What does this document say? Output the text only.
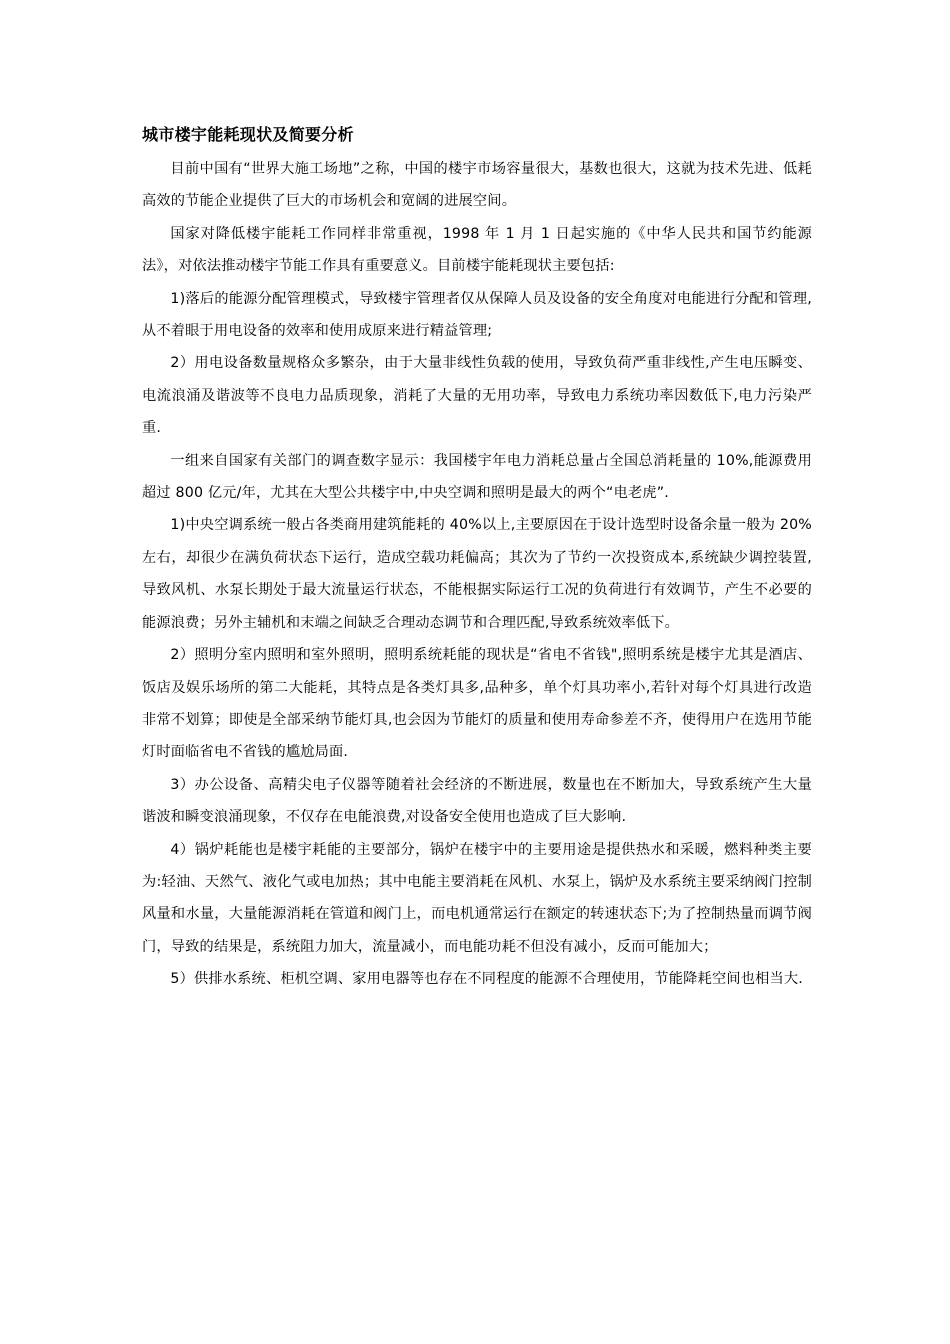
城市楼宇能耗现状及简要分析

目前中国有“世界大施工场地”之称，中国的楼宇市场容量很大，基数也很大，这就为技术先进、低耗高效的节能企业提供了巨大的市场机会和宽阔的进展空间。

国家对降低楼宇能耗工作同样非常重视，1998 年 1 月 1 日起实施的《中华人民共和国节约能源法》，对依法推动楼宇节能工作具有重要意义。目前楼宇能耗现状主要包括:

1)落后的能源分配管理模式，导致楼宇管理者仅从保障人员及设备的安全角度对电能进行分配和管理,从不着眼于用电设备的效率和使用成原来进行精益管理;

2）用电设备数量规格众多繁杂，由于大量非线性负载的使用，导致负荷严重非线性,产生电压瞬变、电流浪涌及谐波等不良电力品质现象，消耗了大量的无用功率，导致电力系统功率因数低下,电力污染严重.

一组来自国家有关部门的调查数字显示：我国楼宇年电力消耗总量占全国总消耗量的 10%,能源费用超过 800 亿元/年，尤其在大型公共楼宇中,中央空调和照明是最大的两个“电老虎”.

1)中央空调系统一般占各类商用建筑能耗的 40%以上,主要原因在于设计选型时设备余量一般为 20%左右，却很少在满负荷状态下运行，造成空载功耗偏高；其次为了节约一次投资成本,系统缺少调控装置,导致风机、水泵长期处于最大流量运行状态，不能根据实际运行工况的负荷进行有效调节，产生不必要的能源浪费；另外主辅机和末端之间缺乏合理动态调节和合理匹配,导致系统效率低下。

2）照明分室内照明和室外照明，照明系统耗能的现状是“省电不省钱",照明系统是楼宇尤其是酒店、饭店及娱乐场所的第二大能耗，其特点是各类灯具多,品种多，单个灯具功率小,若针对每个灯具进行改造非常不划算；即使是全部采纳节能灯具,也会因为节能灯的质量和使用寿命参差不齐，使得用户在选用节能灯时面临省电不省钱的尴尬局面.

3）办公设备、高精尖电子仪器等随着社会经济的不断进展，数量也在不断加大，导致系统产生大量谐波和瞬变浪涌现象，不仅存在电能浪费,对设备安全使用也造成了巨大影响.

4）锅炉耗能也是楼宇耗能的主要部分，锅炉在楼宇中的主要用途是提供热水和采暖，燃料种类主要为:轻油、天然气、液化气或电加热；其中电能主要消耗在风机、水泵上，锅炉及水系统主要采纳阀门控制风量和水量，大量能源消耗在管道和阀门上，而电机通常运行在额定的转速状态下;为了控制热量而调节阀门，导致的结果是，系统阻力加大，流量减小，而电能功耗不但没有减小，反而可能加大；

5）供排水系统、柜机空调、家用电器等也存在不同程度的能源不合理使用，节能降耗空间也相当大.
